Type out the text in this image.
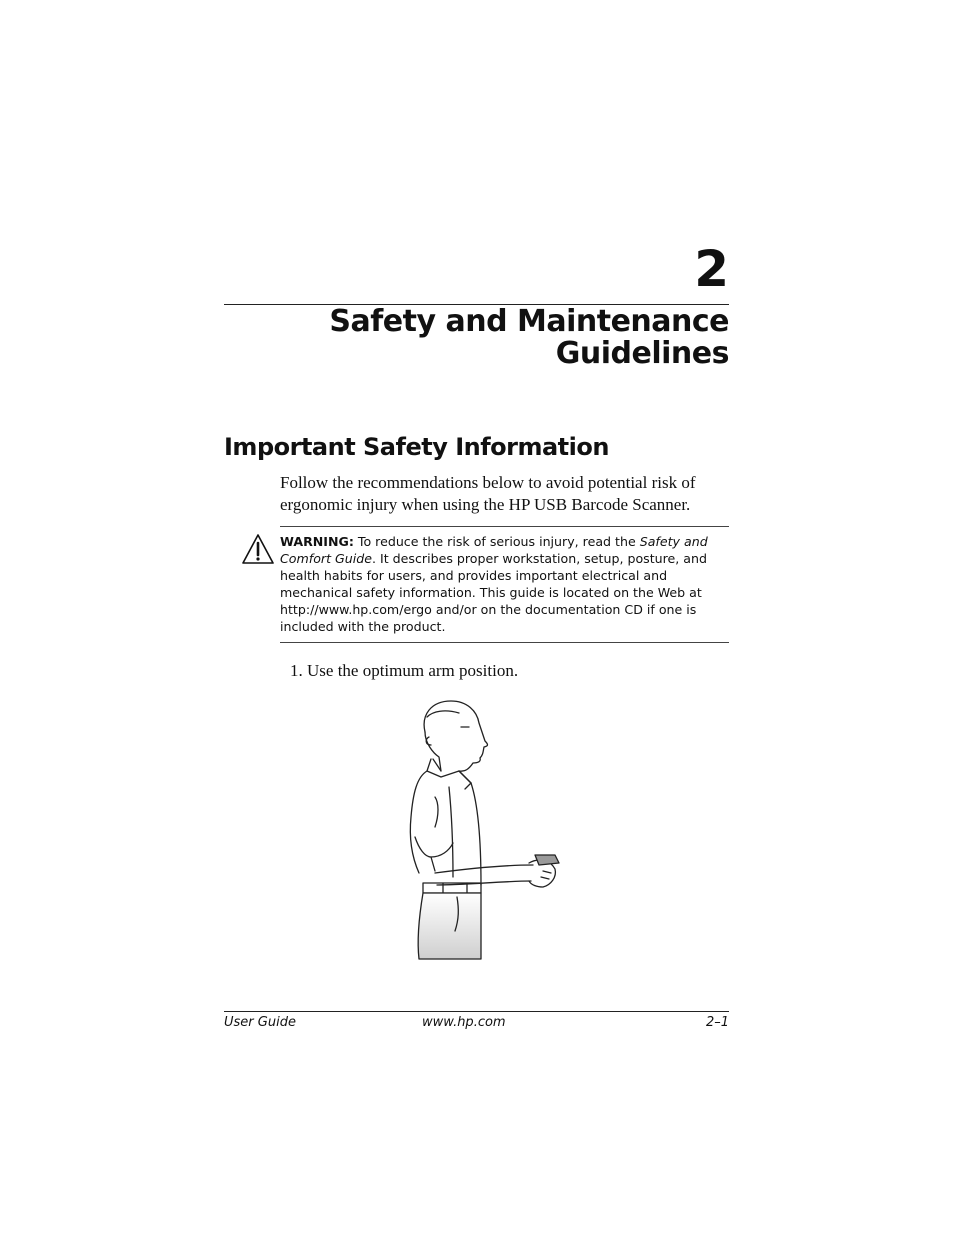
2
Safety and Maintenance
Guidelines
Important Safety Information
Follow the recommendations below to avoid potential risk of ergonomic injury when using the HP USB Barcode Scanner.
WARNING: To reduce the risk of serious injury, read the Safety and Comfort Guide. It describes proper workstation, setup, posture, and health habits for users, and provides important electrical and mechanical safety information. This guide is located on the Web at http://www.hp.com/ergo and/or on the documentation CD if one is included with the product.
1. Use the optimum arm position.
User Guide	www.hp.com	2–1
